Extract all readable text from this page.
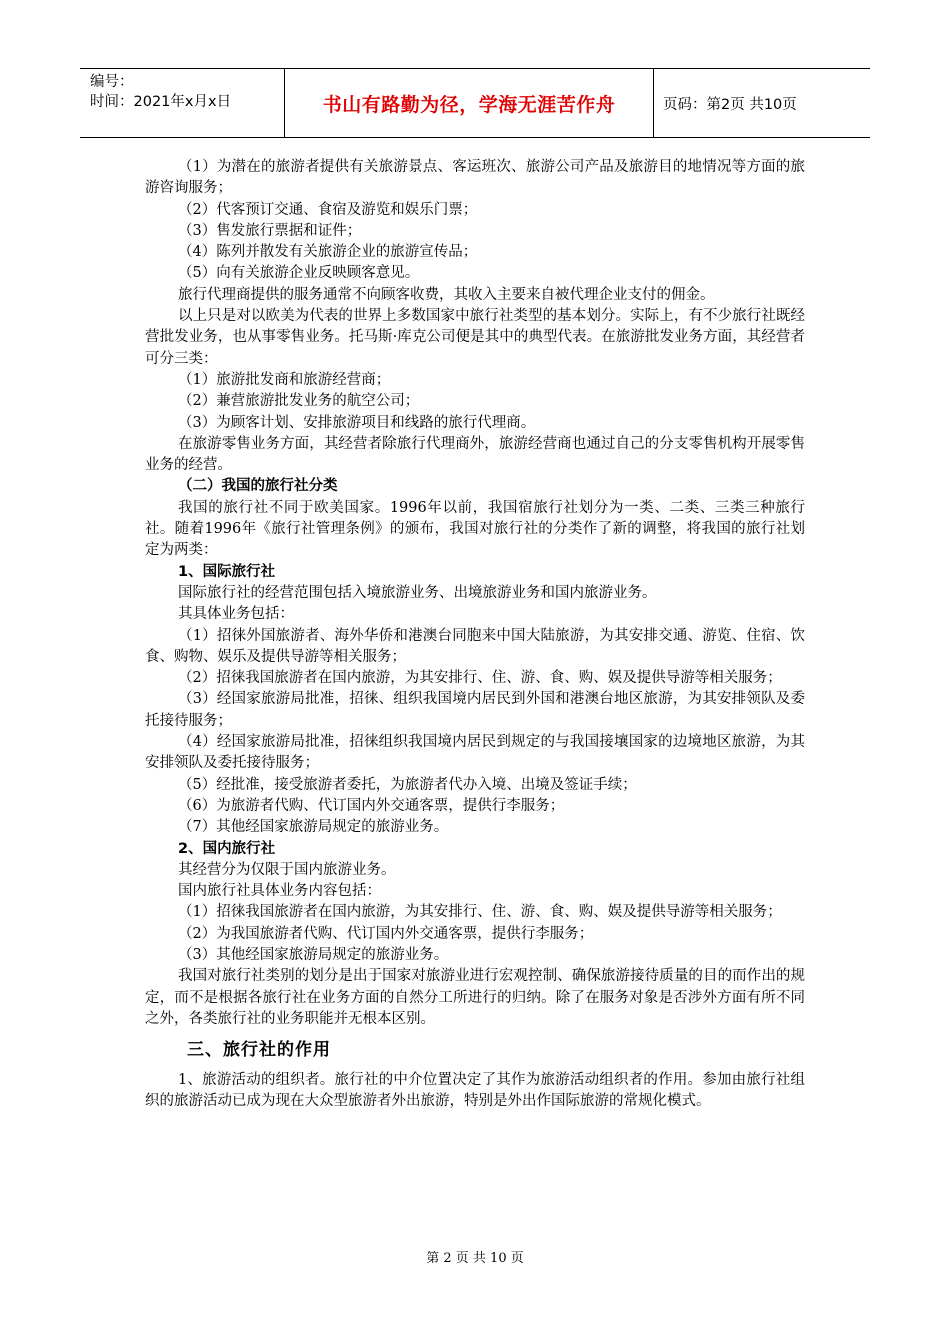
编号：
时间：2021年x月x日	书山有路勤为径，学海无涯苦作舟	页码：第2页 共10页

（1）为潜在的旅游者提供有关旅游景点、客运班次、旅游公司产品及旅游目的地情况等方面的旅游咨询服务；

（2）代客预订交通、食宿及游览和娱乐门票；

（3）售发旅行票据和证件；

（4）陈列并散发有关旅游企业的旅游宣传品；

（5）向有关旅游企业反映顾客意见。

旅行代理商提供的服务通常不向顾客收费，其收入主要来自被代理企业支付的佣金。

以上只是对以欧美为代表的世界上多数国家中旅行社类型的基本划分。实际上，有不少旅行社既经营批发业务，也从事零售业务。托马斯·库克公司便是其中的典型代表。在旅游批发业务方面，其经营者可分三类：

（1）旅游批发商和旅游经营商；

（2）兼营旅游批发业务的航空公司；

（3）为顾客计划、安排旅游项目和线路的旅行代理商。

在旅游零售业务方面，其经营者除旅行代理商外，旅游经营商也通过自己的分支零售机构开展零售业务的经营。

（二）我国的旅行社分类

我国的旅行社不同于欧美国家。1996年以前，我国宿旅行社划分为一类、二类、三类三种旅行社。随着1996年《旅行社管理条例》的颁布，我国对旅行社的分类作了新的调整，将我国的旅行社划定为两类：

1、国际旅行社

国际旅行社的经营范围包括入境旅游业务、出境旅游业务和国内旅游业务。

其具体业务包括：

（1）招徕外国旅游者、海外华侨和港澳台同胞来中国大陆旅游，为其安排交通、游览、住宿、饮食、购物、娱乐及提供导游等相关服务；

（2）招徕我国旅游者在国内旅游，为其安排行、住、游、食、购、娱及提供导游等相关服务；

（3）经国家旅游局批准，招徕、组织我国境内居民到外国和港澳台地区旅游，为其安排领队及委托接待服务；

（4）经国家旅游局批准，招徕组织我国境内居民到规定的与我国接壤国家的边境地区旅游，为其安排领队及委托接待服务；

（5）经批准，接受旅游者委托，为旅游者代办入境、出境及签证手续；

（6）为旅游者代购、代订国内外交通客票，提供行李服务；

（7）其他经国家旅游局规定的旅游业务。

2、国内旅行社

其经营分为仅限于国内旅游业务。

国内旅行社具体业务内容包括：

（1）招徕我国旅游者在国内旅游，为其安排行、住、游、食、购、娱及提供导游等相关服务；

（2）为我国旅游者代购、代订国内外交通客票，提供行李服务；

（3）其他经国家旅游局规定的旅游业务。

我国对旅行社类别的划分是出于国家对旅游业进行宏观控制、确保旅游接待质量的目的而作出的规定，而不是根据各旅行社在业务方面的自然分工所进行的归纳。除了在服务对象是否涉外方面有所不同之外，各类旅行社的业务职能并无根本区别。

三、旅行社的作用

1、旅游活动的组织者。旅行社的中介位置决定了其作为旅游活动组织者的作用。参加由旅行社组织的旅游活动已成为现在大众型旅游者外出旅游，特别是外出作国际旅游的常规化模式。

第 2 页 共 10 页
